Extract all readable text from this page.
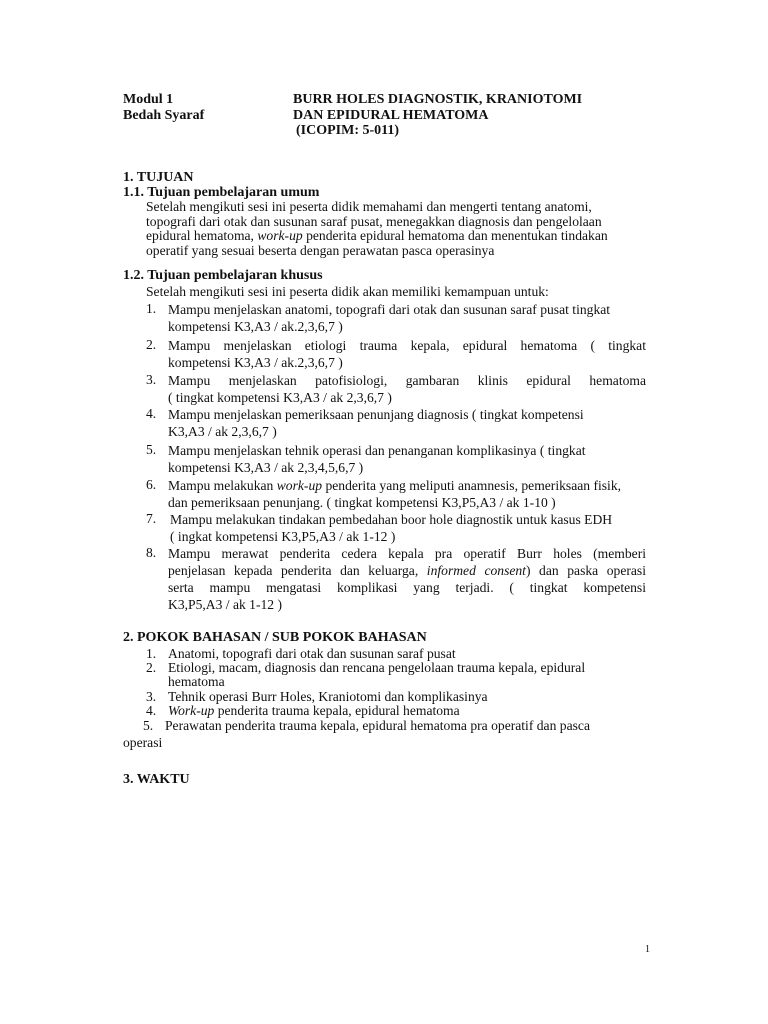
Modul 1
Bedah Syaraf
BURR HOLES DIAGNOSTIK, KRANIOTOMI
DAN EPIDURAL HEMATOMA
(ICOPIM: 5-011)
1. TUJUAN
1.1. Tujuan pembelajaran umum
Setelah mengikuti sesi ini peserta didik memahami dan mengerti tentang anatomi,
topografi dari otak dan susunan saraf pusat, menegakkan diagnosis dan pengelolaan
epidural hematoma, work-up penderita epidural hematoma dan menentukan tindakan
operatif yang sesuai beserta dengan perawatan pasca operasinya
1.2. Tujuan pembelajaran khusus
Setelah mengikuti sesi ini peserta didik akan memiliki kemampuan untuk:
1. Mampu menjelaskan anatomi, topografi dari otak dan susunan saraf pusat tingkat
kompetensi K3,A3 / ak.2,3,6,7 )
2. Mampu menjelaskan etiologi trauma kepala, epidural hematoma ( tingkat
kompetensi K3,A3 / ak.2,3,6,7 )
3. Mampu menjelaskan patofisiologi, gambaran klinis epidural hematoma
( tingkat kompetensi K3,A3 / ak 2,3,6,7 )
4. Mampu menjelaskan pemeriksaan penunjang diagnosis ( tingkat kompetensi
K3,A3 / ak 2,3,6,7 )
5. Mampu menjelaskan tehnik operasi dan penanganan komplikasinya ( tingkat
kompetensi K3,A3 / ak 2,3,4,5,6,7 )
6. Mampu melakukan work-up penderita yang meliputi anamnesis, pemeriksaan fisik,
dan pemeriksaan penunjang. ( tingkat kompetensi K3,P5,A3 / ak 1-10 )
7. Mampu melakukan tindakan pembedahan boor hole diagnostik untuk kasus EDH
( ingkat kompetensi K3,P5,A3 / ak 1-12 )
8. Mampu merawat penderita cedera kepala pra operatif Burr holes (memberi
penjelasan kepada penderita dan keluarga, informed consent) dan paska operasi
serta mampu mengatasi komplikasi yang terjadi. ( tingkat kompetensi
K3,P5,A3 / ak 1-12 )
2. POKOK BAHASAN / SUB POKOK BAHASAN
1. Anatomi, topografi dari otak dan susunan saraf pusat
2. Etiologi, macam, diagnosis dan rencana pengelolaan trauma kepala, epidural
hematoma
3. Tehnik operasi Burr Holes, Kraniotomi dan komplikasinya
4. Work-up penderita trauma kepala, epidural hematoma
5. Perawatan penderita trauma kepala, epidural hematoma pra operatif dan pasca
operasi
3. WAKTU
1
